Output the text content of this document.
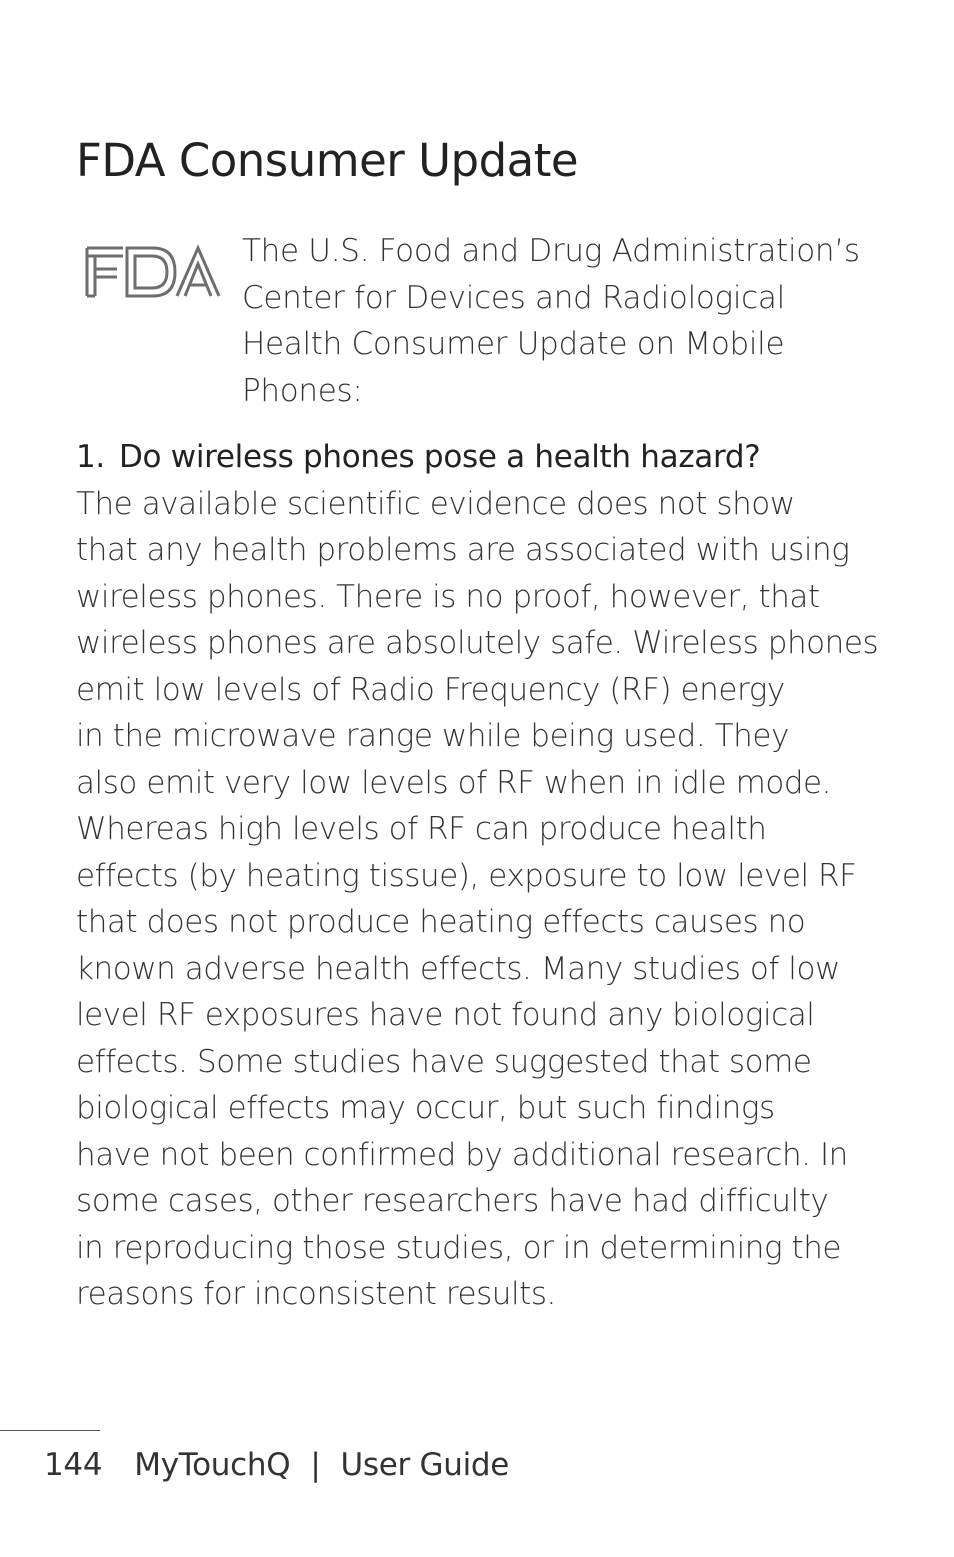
FDA Consumer Update

The U.S. Food and Drug Administration’s
Center for Devices and Radiological
Health Consumer Update on Mobile
Phones:

1. Do wireless phones pose a health hazard?

The available scientific evidence does not show
that any health problems are associated with using
wireless phones. There is no proof, however, that
wireless phones are absolutely safe. Wireless phones
emit low levels of Radio Frequency (RF) energy
in the microwave range while being used. They
also emit very low levels of RF when in idle mode.
Whereas high levels of RF can produce health
effects (by heating tissue), exposure to low level RF
that does not produce heating effects causes no
known adverse health effects. Many studies of low
level RF exposures have not found any biological
effects. Some studies have suggested that some
biological effects may occur, but such findings
have not been confirmed by additional research. In
some cases, other researchers have had difficulty
in reproducing those studies, or in determining the
reasons for inconsistent results.

144 MyTouchQ | User Guide
